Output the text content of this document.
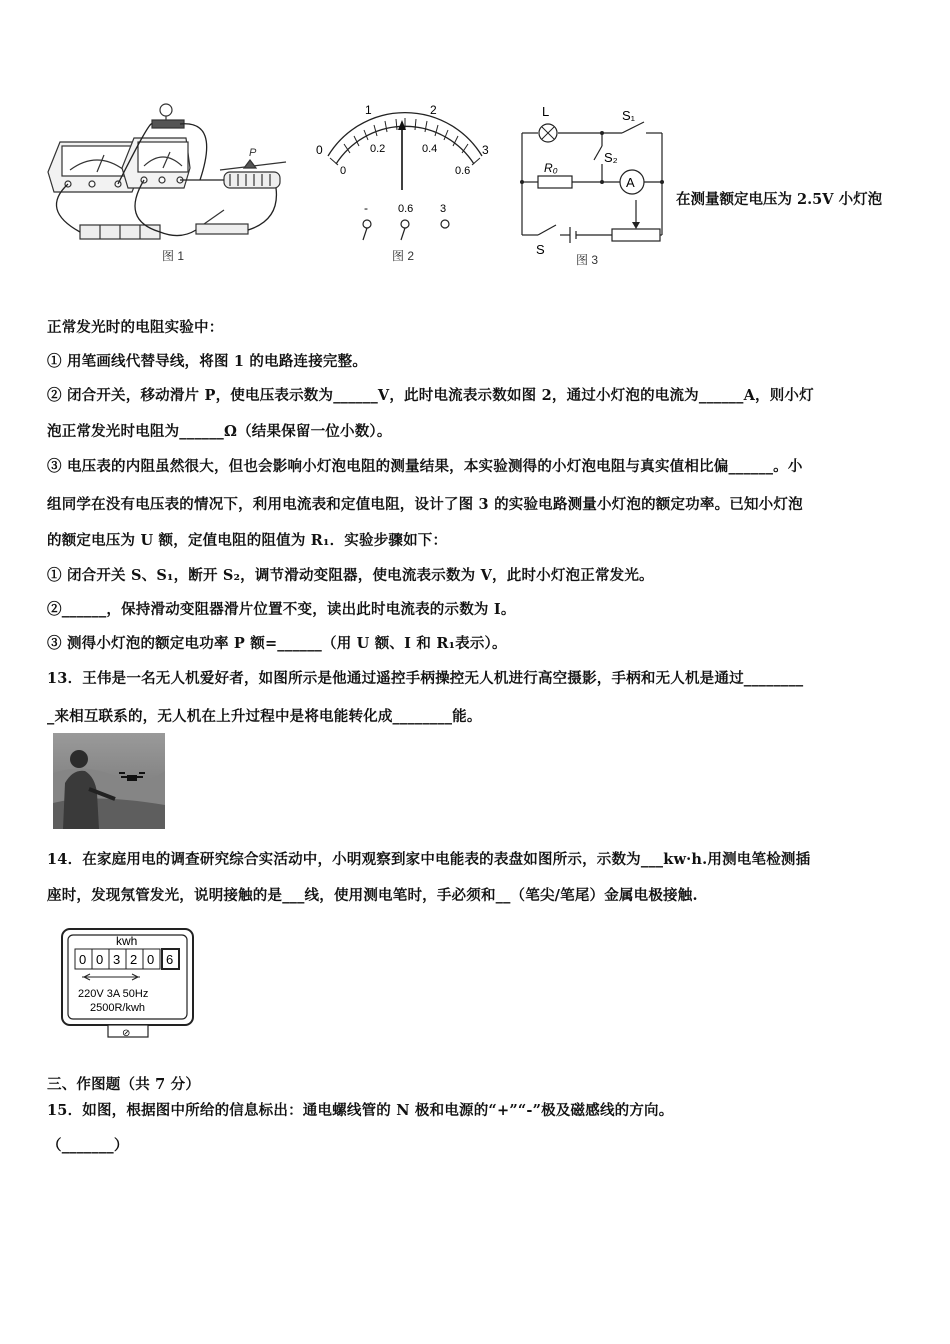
P
图 1
1	2
0.2	0.4
0	3
0	0.6
-	0.6 3
图 2
L	S₁
S₂
R₀
A
S
图 3
在测量额定电压为 2.5V 小灯泡
正常发光时的电阻实验中：
① 用笔画线代替导线，将图 1 的电路连接完整。
② 闭合开关，移动滑片 P，使电压表示数为______V，此时电流表示数如图 2，通过小灯泡的电流为______A，则小灯
泡正常发光时电阻为______Ω（结果保留一位小数）。
③ 电压表的内阻虽然很大，但也会影响小灯泡电阻的测量结果，本实验测得的小灯泡电阻与真实值相比偏______。小
组同学在没有电压表的情况下，利用电流表和定值电阻，设计了图 3 的实验电路测量小灯泡的额定功率。已知小灯泡
的额定电压为 U 额，定值电阻的阻值为 R₁．实验步骤如下：
① 闭合开关 S、S₁，断开 S₂，调节滑动变阻器，使电流表示数为 V，此时小灯泡正常发光。
②______，保持滑动变阻器滑片位置不变，读出此时电流表的示数为 I。
③ 测得小灯泡的额定电功率 P 额=______（用 U 额、I 和 R₁表示）。
13．王伟是一名无人机爱好者，如图所示是他通过遥控手柄操控无人机进行高空摄影，手柄和无人机是通过________
_来相互联系的，无人机在上升过程中是将电能转化成________能。
14．在家庭用电的调查研究综合实活动中，小明观察到家中电能表的表盘如图所示，示数为___kw·h.用测电笔检测插
座时，发现氖管发光，说明接触的是___线，使用测电笔时，手必须和__（笔尖/笔尾）金属电极接触.
kwh
0 0 3 2 0 6
220V 3A 50Hz
2500R/kwh
⊘
三、作图题（共 7 分）
15．如图，根据图中所给的信息标出：通电螺线管的 N 极和电源的“+”“-”极及磁感线的方向。
（_______）
